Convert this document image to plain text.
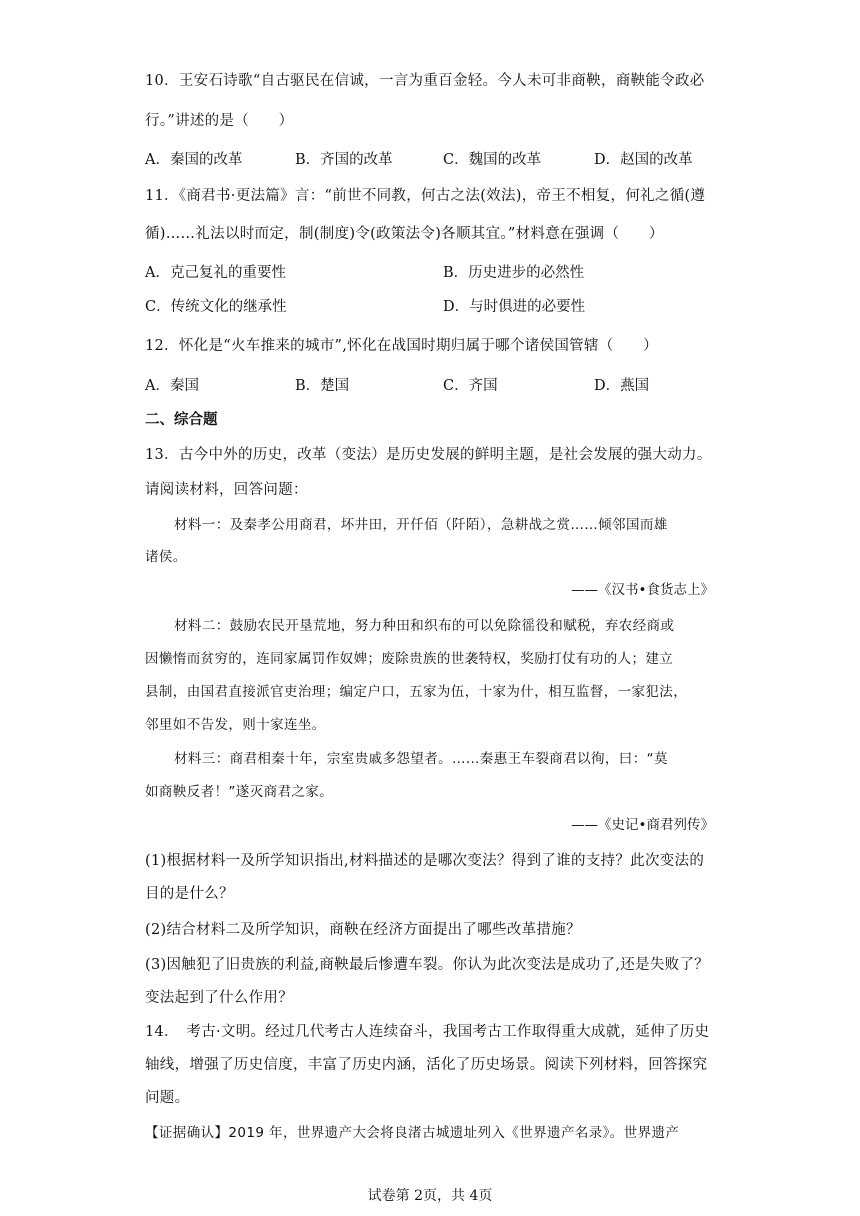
10．王安石诗歌“自古驱民在信诚，一言为重百金轻。今人未可非商鞅，商鞅能令政必
行。”讲述的是（　　）
A．秦国的改革	B．齐国的改革	C．魏国的改革	D．赵国的改革
11．《商君书·更法篇》言：“前世不同教，何古之法(效法)，帝王不相复，何礼之循(遵
循)……礼法以时而定，制(制度)令(政策法令)各顺其宜。”材料意在强调（　　）
A．克己复礼的重要性	B．历史进步的必然性
C．传统文化的继承性	D．与时俱进的必要性
12．怀化是“火车推来的城市”,怀化在战国时期归属于哪个诸侯国管辖（　　）
A．秦国	B．楚国	C．齐国	D．燕国
二、综合题
13．古今中外的历史，改革（变法）是历史发展的鲜明主题，是社会发展的强大动力。
请阅读材料，回答问题：
材料一：及秦孝公用商君，坏井田，开仟佰（阡陌），急耕战之赏……倾邻国而雄
诸侯。
——《汉书•食货志上》
材料二：鼓励农民开垦荒地，努力种田和织布的可以免除徭役和赋税，弃农经商或
因懒惰而贫穷的，连同家属罚作奴婢；废除贵族的世袭特权，奖励打仗有功的人；建立
县制，由国君直接派官吏治理；编定户口，五家为伍，十家为什，相互监督，一家犯法，
邻里如不告发，则十家连坐。
材料三：商君相秦十年，宗室贵戚多怨望者。……秦惠王车裂商君以徇，曰：“莫
如商鞅反者！”遂灭商君之家。
——《史记•商君列传》
(1)根据材料一及所学知识指出,材料描述的是哪次变法？得到了谁的支持？此次变法的
目的是什么？
(2)结合材料二及所学知识，商鞅在经济方面提出了哪些改革措施？
(3)因触犯了旧贵族的利益,商鞅最后惨遭车裂。你认为此次变法是成功了,还是失败了？
变法起到了什么作用？
14．　考古·文明。经过几代考古人连续奋斗，我国考古工作取得重大成就，延伸了历史
轴线，增强了历史信度，丰富了历史内涵，活化了历史场景。阅读下列材料，回答探究
问题。
【证据确认】2019 年，世界遗产大会将良渚古城遗址列入《世界遗产名录》。世界遗产
试卷第 2页，共 4页
